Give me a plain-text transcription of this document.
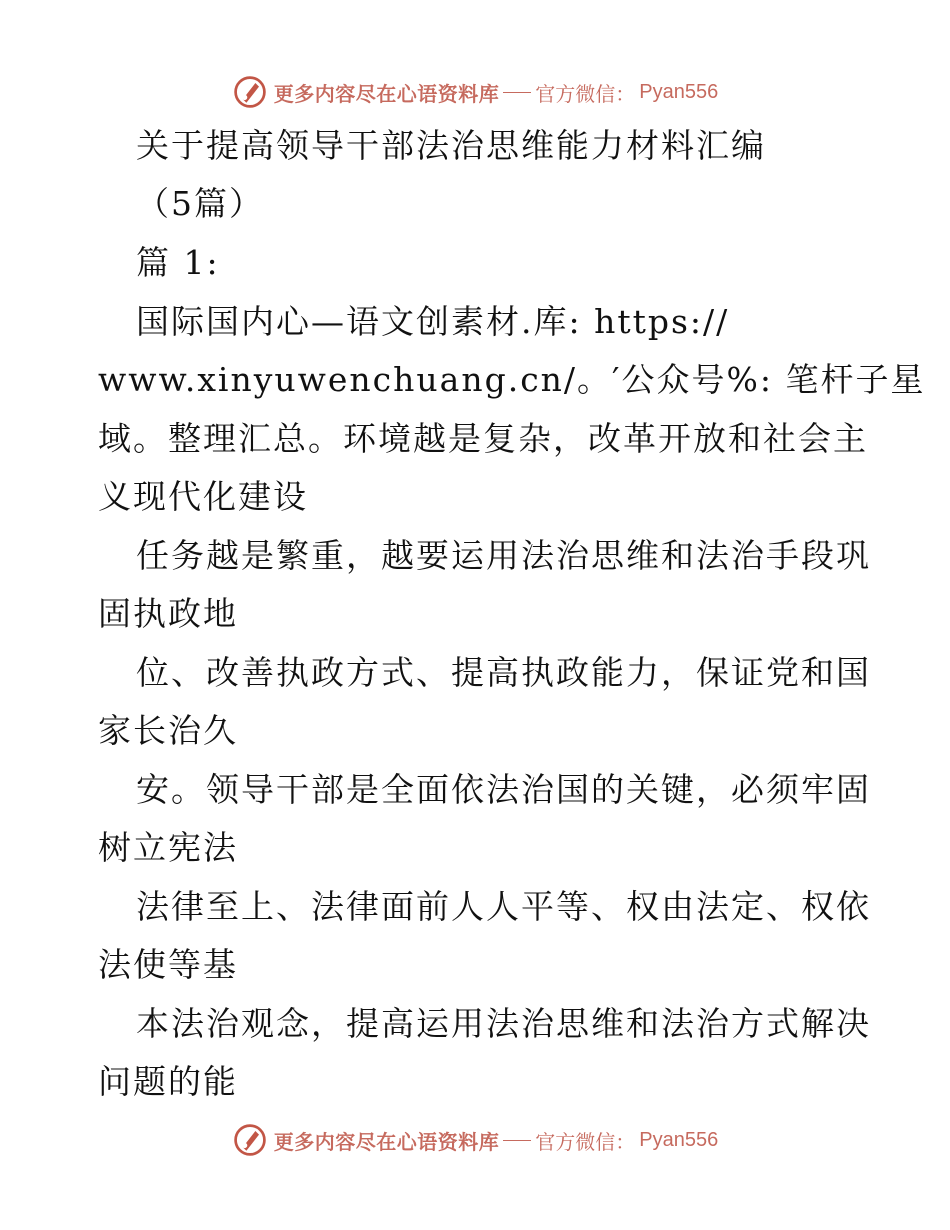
更多内容尽在心语资料库 官方微信： Pyan556
关于提高领导干部法治思维能力材料汇编
（5篇）
篇 1:
国际国内心—语文创素材.库: https://
www.xinyuwenchuang.cn/。′公众号%: 笔杆子星
域。整理汇总。环境越是复杂，改革开放和社会主
义现代化建设
任务越是繁重，越要运用法治思维和法治手段巩
固执政地
位、改善执政方式、提高执政能力，保证党和国
家长治久
安。领导干部是全面依法治国的关键，必须牢固
树立宪法
法律至上、法律面前人人平等、权由法定、权依
法使等基
本法治观念，提高运用法治思维和法治方式解决
问题的能
更多内容尽在心语资料库 官方微信： Pyan556
